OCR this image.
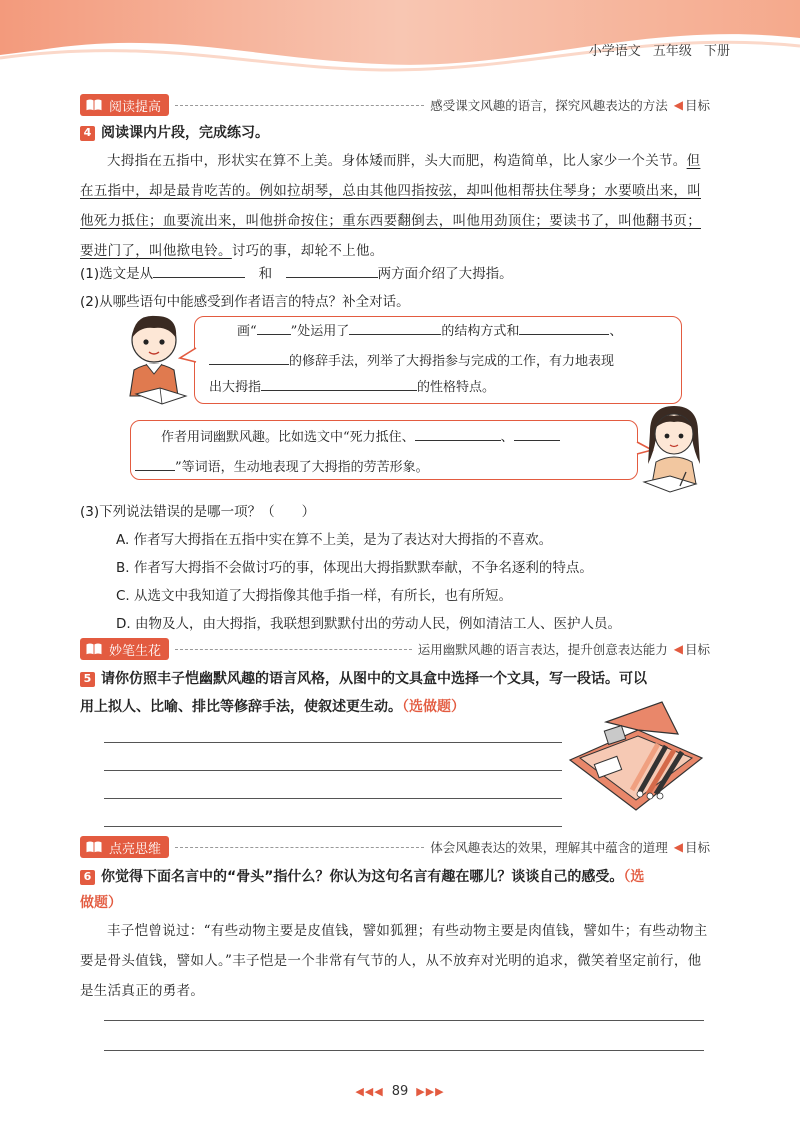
小学语文 五年级 下册
阅读提高	感受课文风趣的语言，探究风趣表达的方法 ◀ 目标
4 阅读课内片段，完成练习。
大拇指在五指中，形状实在算不上美。身体矮而胖，头大而肥，构造简单，比人家少一个关节。但在五指中，却是最肯吃苦的。例如拉胡琴，总由其他四指按弦，却叫他相帮扶住琴身；水要喷出来，叫他死力抵住；血要流出来，叫他拼命按住；重东西要翻倒去，叫他用劲顶住；要读书了，叫他翻书页；要进门了，叫他揿电铃。讨巧的事，却轮不上他。
(1)选文是从　	和　	两方面介绍了大拇指。
(2)从哪些语句中能感受到作者语言的特点？补全对话。
画“	”处运用了	的结构方式和	、
的修辞手法，列举了大拇指参与完成的工作，有力地表现
出大拇指	的性格特点。
作者用词幽默风趣。比如选文中“死力抵住、	、
”等词语，生动地表现了大拇指的劳苦形象。
(3)下列说法错误的是哪一项？（　　）
A. 作者写大拇指在五指中实在算不上美，是为了表达对大拇指的不喜欢。
B. 作者写大拇指不会做讨巧的事，体现出大拇指默默奉献，不争名逐利的特点。
C. 从选文中我知道了大拇指像其他手指一样，有所长，也有所短。
D. 由物及人，由大拇指，我联想到默默付出的劳动人民，例如清洁工人、医护人员。
妙笔生花	运用幽默风趣的语言表达，提升创意表达能力 ◀ 目标
5 请你仿照丰子恺幽默风趣的语言风格，从图中的文具盒中选择一个文具，写一段话。可以
用上拟人、比喻、排比等修辞手法，使叙述更生动。（选做题）
点亮思维	体会风趣表达的效果，理解其中蕴含的道理 ◀ 目标
6 你觉得下面名言中的“骨头”指什么？你认为这句名言有趣在哪儿？谈谈自己的感受。（选
做题）
丰子恺曾说过：“有些动物主要是皮值钱，譬如狐狸；有些动物主要是肉值钱，譬如牛；有些动物主要是骨头值钱，譬如人。”丰子恺是一个非常有气节的人，从不放弃对光明的追求，微笑着坚定前行，他是生活真正的勇者。
◀◀◀ 89 ▶▶▶
